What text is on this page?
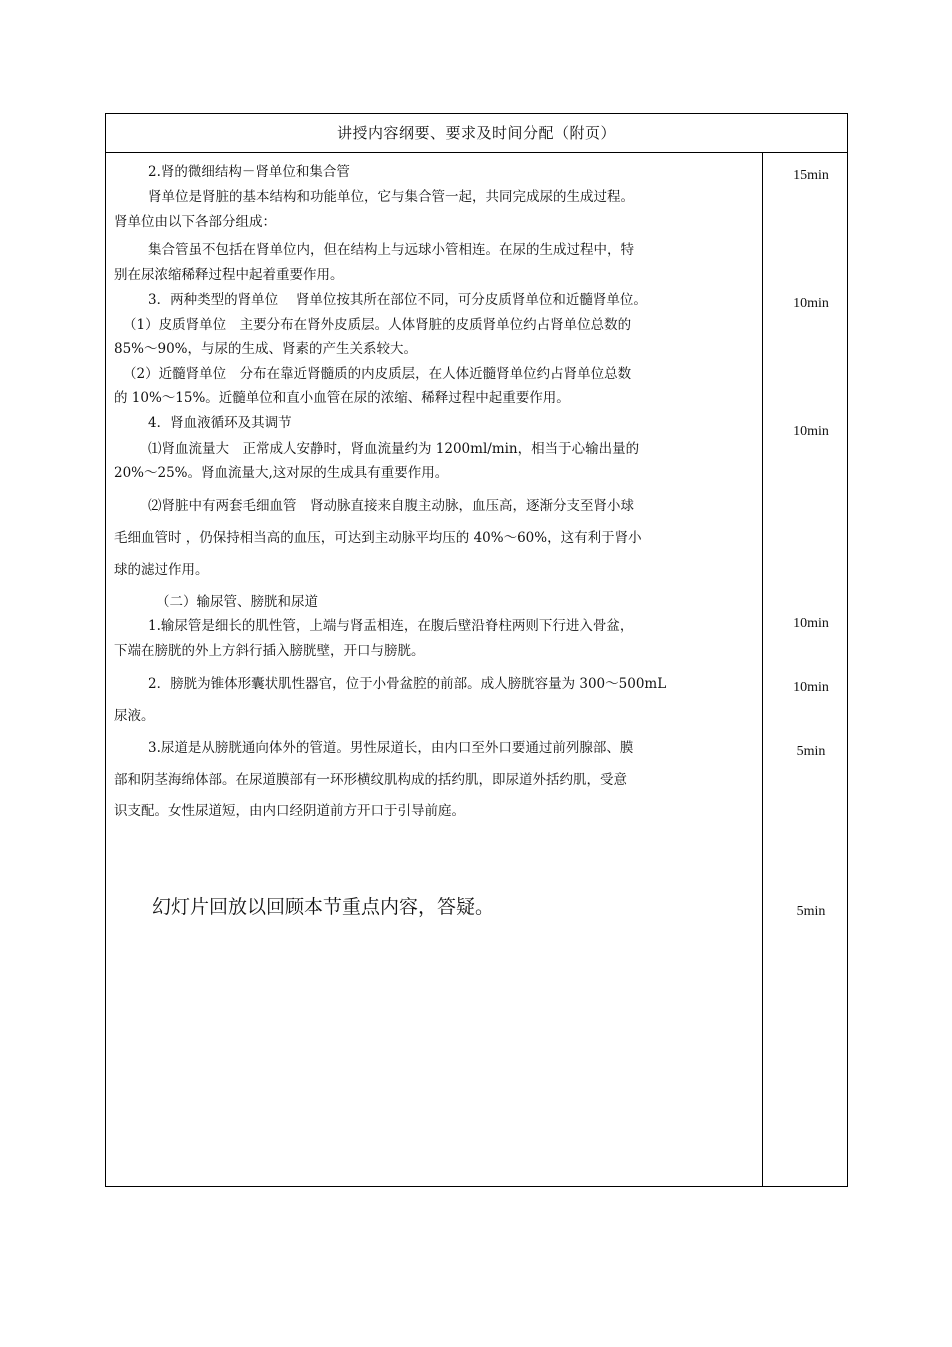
讲授内容纲要、要求及时间分配（附页）
2.肾的微细结构－肾单位和集合管
肾单位是肾脏的基本结构和功能单位，它与集合管一起，共同完成尿的生成过程。
肾单位由以下各部分组成：
集合管虽不包括在肾单位内，但在结构上与远球小管相连。在尿的生成过程中，特
别在尿浓缩稀释过程中起着重要作用。
3．两种类型的肾单位　 肾单位按其所在部位不同，可分皮质肾单位和近髓肾单位。
（1）皮质肾单位　主要分布在肾外皮质层。人体肾脏的皮质肾单位约占肾单位总数的
85%～90%，与尿的生成、肾素的产生关系较大。
（2）近髓肾单位　分布在靠近肾髓质的内皮质层，在人体近髓肾单位约占肾单位总数
的 10%～15%。近髓单位和直小血管在尿的浓缩、稀释过程中起重要作用。
4．肾血液循环及其调节
⑴肾血流量大　正常成人安静时，肾血流量约为 1200ml/min，相当于心输出量的
20%～25%。肾血流量大,这对尿的生成具有重要作用。
⑵肾脏中有两套毛细血管　肾动脉直接来自腹主动脉，血压高，逐渐分支至肾小球
毛细血管时 ，仍保持相当高的血压，可达到主动脉平均压的 40%～60%，这有利于肾小
球的滤过作用。
（二）输尿管、膀胱和尿道
1.输尿管是细长的肌性管，上端与肾盂相连，在腹后壁沿脊柱两则下行进入骨盆，
下端在膀胱的外上方斜行插入膀胱壁，开口与膀胱。
2．膀胱为锥体形囊状肌性器官，位于小骨盆腔的前部。成人膀胱容量为 300～500mL
尿液。
3.尿道是从膀胱通向体外的管道。男性尿道长，由内口至外口要通过前列腺部、膜
部和阴茎海绵体部。在尿道膜部有一环形横纹肌构成的括约肌，即尿道外括约肌，受意
识支配。女性尿道短，由内口经阴道前方开口于引导前庭。
幻灯片回放以回顾本节重点内容，答疑。
15min
10min
10min
10min
10min
5min
5min
